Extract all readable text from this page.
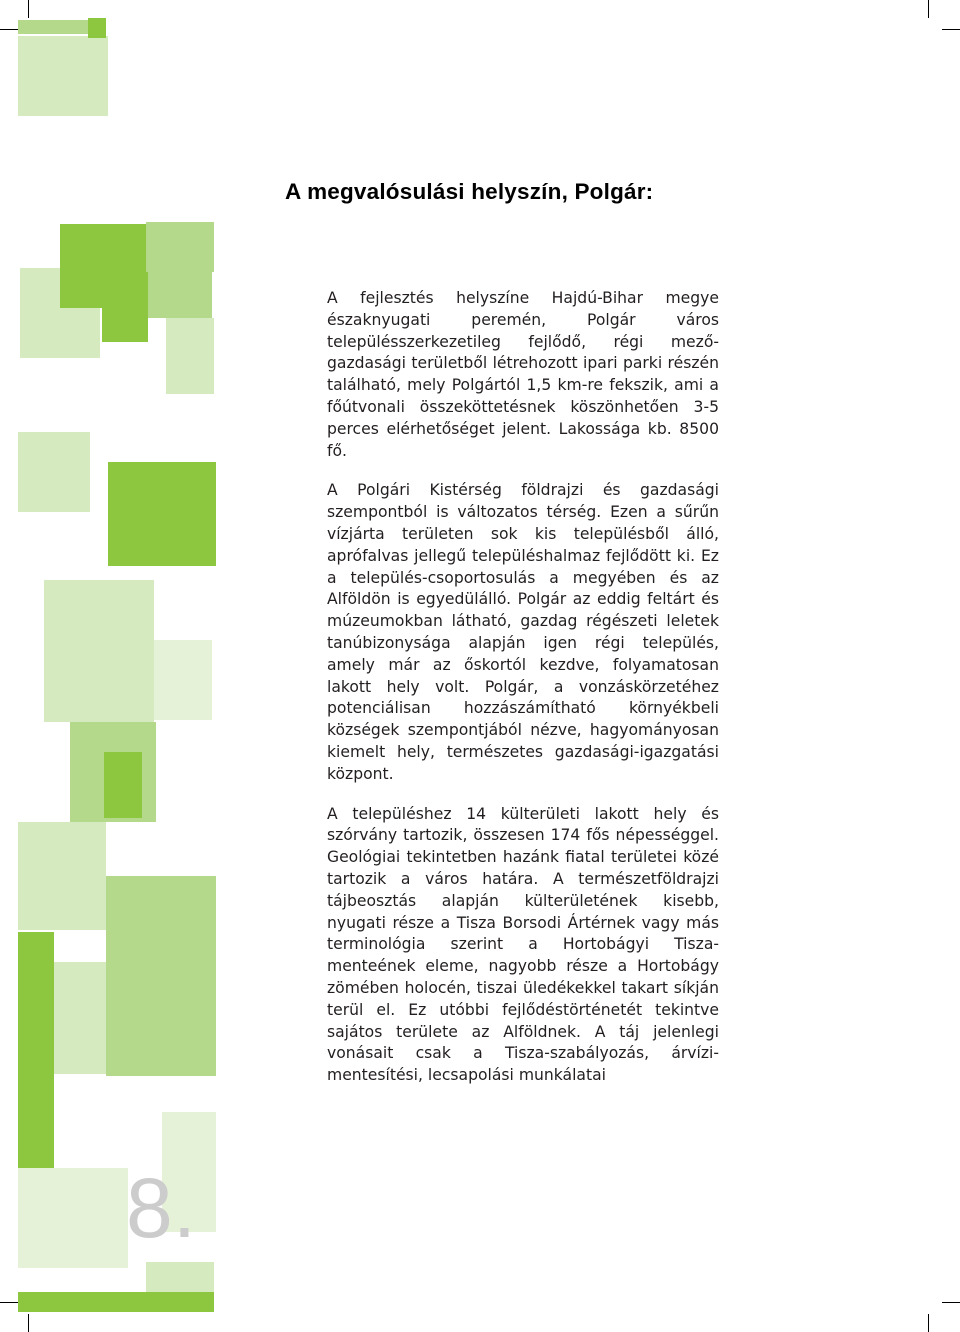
A megvalósulási helyszín, Polgár:

A fejlesztés helyszíne Hajdú-Bihar megye északnyugati peremén, Polgár város településszerkezetileg fejlődő, régi mezőgazdasági területből létrehozott ipari parki részén található, mely Polgártól 1,5 km-re fekszik, ami a főútvonali összeköttetésnek köszönhetően 3-5 perces elérhetőséget jelent. Lakossága kb. 8500 fő.

A Polgári Kistérség földrajzi és gazdasági szempontból is változatos térség. Ezen a sűrűn vízjárta területen sok kis településből álló, aprófalvas jellegű településhalmaz fejlődött ki. Ez a település-csoportosulás a megyében és az Alföldön is egyedülálló. Polgár az eddig feltárt és múzeumokban látható, gazdag régészeti leletek tanúbizonysága alapján igen régi település, amely már az őskortól kezdve, folyamatosan lakott hely volt. Polgár, a vonzáskörzetéhez potenciálisan hozzászámítható környékbeli községek szempontjából nézve, hagyományosan kiemelt hely, természetes gazdasági-igazgatási központ.

A településhez 14 külterületi lakott hely és szórvány tartozik, összesen 174 fős népességgel. Geológiai tekintetben hazánk fiatal területei közé tartozik a város határa. A természetföldrajzi tájbeosztás alapján külterületének kisebb, nyugati része a Tisza Borsodi Ártérnek vagy más terminológia szerint a Hortobágyi Tisza-menteének eleme, nagyobb része a Hortobágy zömében holocén, tiszai üledékekkel takart síkján terül el. Ez utóbbi fejlődéstörténetét tekintve sajátos területe az Alföldnek. A táj jelenlegi vonásait csak a Tisza-szabályozás, árvízi-mentesítési, lecsapolási munkálatai

8.
